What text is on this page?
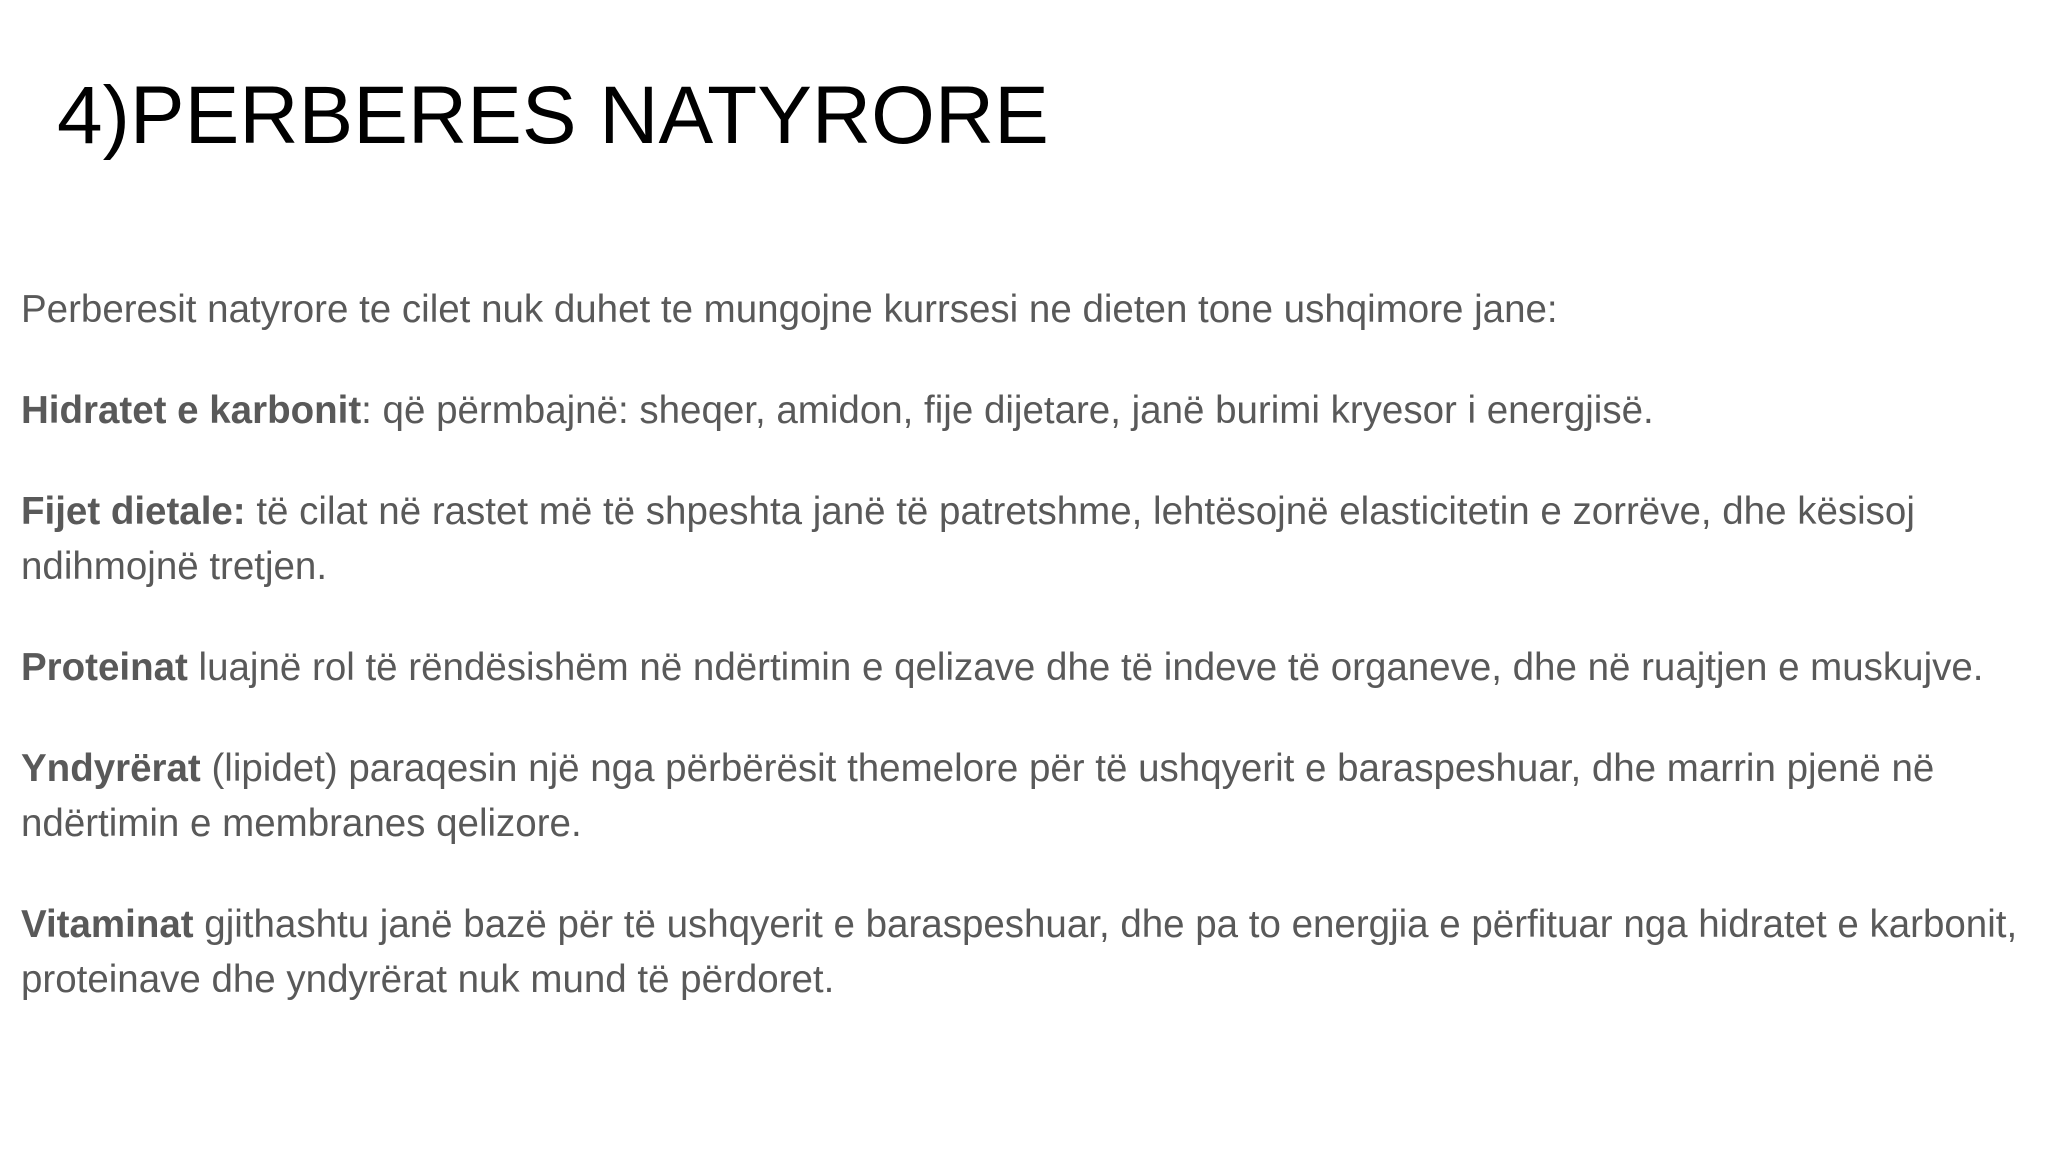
4)PERBERES NATYRORE

Perberesit natyrore te cilet nuk duhet te mungojne kurrsesi ne dieten tone ushqimore jane:

Hidratet e karbonit: që përmbajnë: sheqer, amidon, fije dijetare, janë burimi kryesor i energjisë.

Fijet dietale: të cilat në rastet më të shpeshta janë të patretshme, lehtësojnë elasticitetin e zorrëve, dhe kësisoj ndihmojnë tretjen.

Proteinat luajnë rol të rëndësishëm në ndërtimin e qelizave dhe të indeve të organeve, dhe në ruajtjen e muskujve.

Yndyrërat (lipidet) paraqesin një nga përbërësit themelore për të ushqyerit e baraspeshuar, dhe marrin pjenë në ndërtimin e membranes qelizore.

Vitaminat gjithashtu janë bazë për të ushqyerit e baraspeshuar, dhe pa to energjia e përfituar nga hidratet e karbonit, proteinave dhe yndyrërat nuk mund të përdoret.
